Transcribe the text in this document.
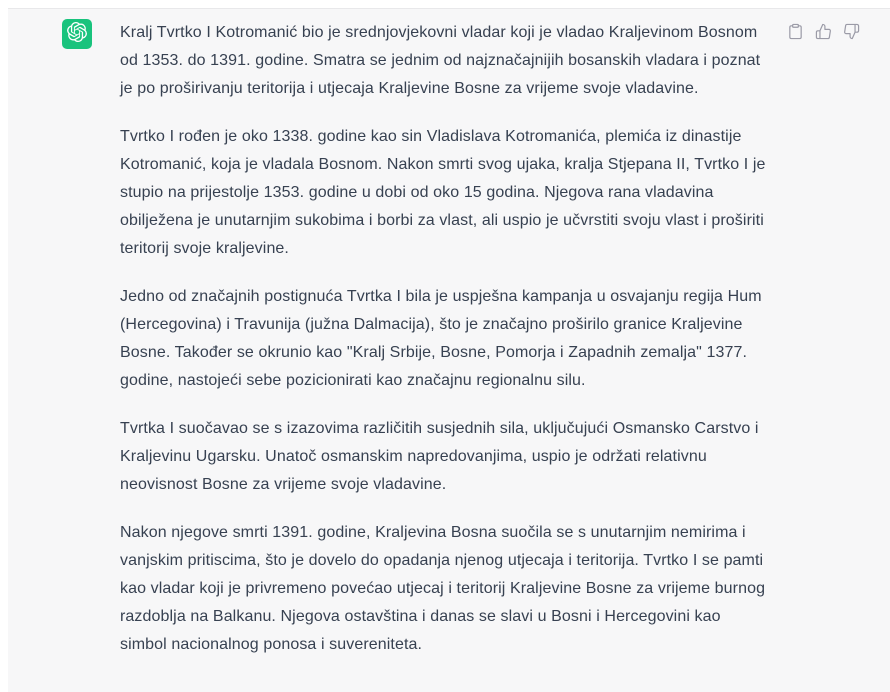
Kralj Tvrtko I Kotromanić bio je srednjovjekovni vladar koji je vladao Kraljevinom Bosnom od 1353. do 1391. godine. Smatra se jednim od najznačajnijih bosanskih vladara i poznat je po proširivanju teritorija i utjecaja Kraljevine Bosne za vrijeme svoje vladavine.

Tvrtko I rođen je oko 1338. godine kao sin Vladislava Kotromanića, plemića iz dinastije Kotromanić, koja je vladala Bosnom. Nakon smrti svog ujaka, kralja Stjepana II, Tvrtko I je stupio na prijestolje 1353. godine u dobi od oko 15 godina. Njegova rana vladavina obilježena je unutarnjim sukobima i borbi za vlast, ali uspio je učvrstiti svoju vlast i proširiti teritorij svoje kraljevine.

Jedno od značajnih postignuća Tvrtka I bila je uspješna kampanja u osvajanju regija Hum (Hercegovina) i Travunija (južna Dalmacija), što je značajno proširilo granice Kraljevine Bosne. Također se okrunio kao "Kralj Srbije, Bosne, Pomorja i Zapadnih zemalja" 1377. godine, nastojeći sebe pozicionirati kao značajnu regionalnu silu.

Tvrtka I suočavao se s izazovima različitih susjednih sila, uključujući Osmansko Carstvo i Kraljevinu Ugarsku. Unatoč osmanskim napredovanjima, uspio je održati relativnu neovisnost Bosne za vrijeme svoje vladavine.

Nakon njegove smrti 1391. godine, Kraljevina Bosna suočila se s unutarnjim nemirima i vanjskim pritiscima, što je dovelo do opadanja njenog utjecaja i teritorija. Tvrtko I se pamti kao vladar koji je privremeno povećao utjecaj i teritorij Kraljevine Bosne za vrijeme burnog razdoblja na Balkanu. Njegova ostavština i danas se slavi u Bosni i Hercegovini kao simbol nacionalnog ponosa i suvereniteta.
